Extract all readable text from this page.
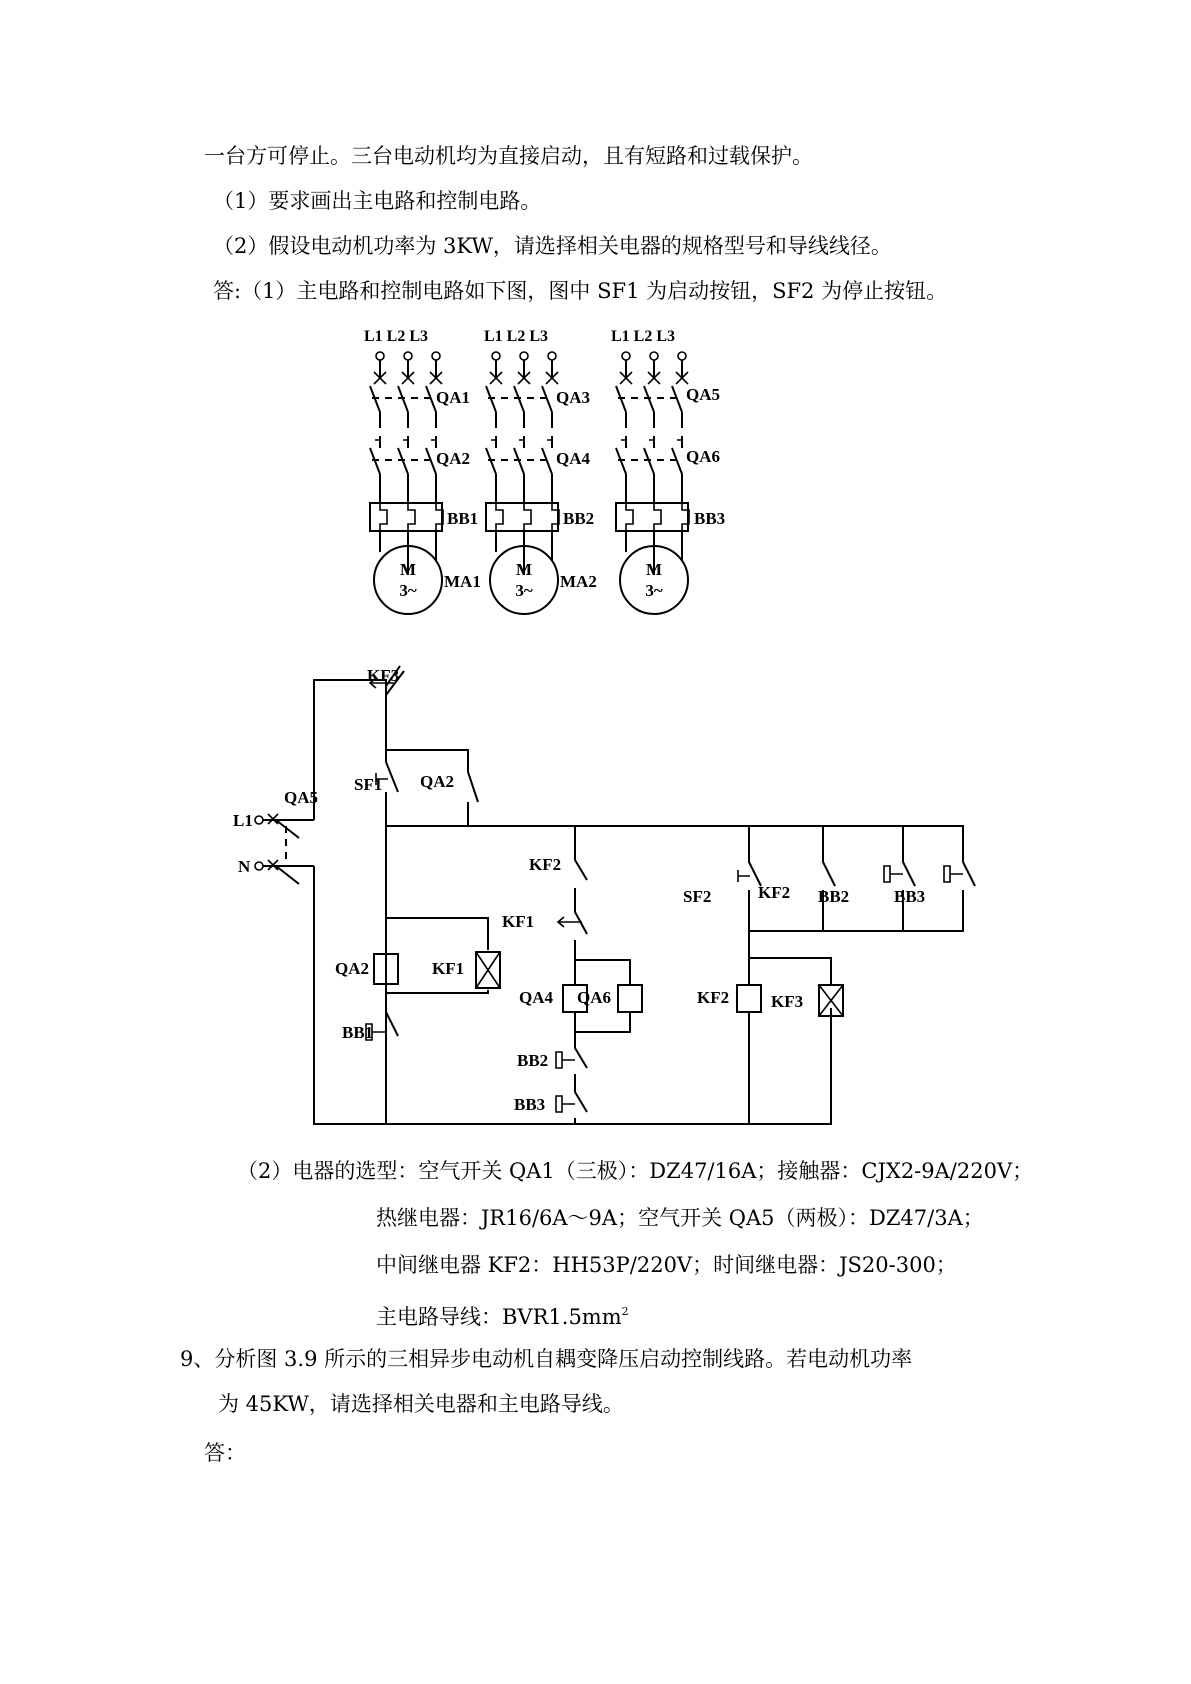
一台方可停止。三台电动机均为直接启动，且有短路和过载保护。
（1）要求画出主电路和控制电路。
（2）假设电动机功率为 3KW，请选择相关电器的规格型号和导线线径。
答:（1）主电路和控制电路如下图，图中 SF1 为启动按钮，SF2 为停止按钮。
L1 L2 L3
M
3~
QA1
QA2
BB1
MA1
L1 L2 L3
M
3~
QA3
QA4
BB2
MA2
L1 L2 L3
M
3~
QA5
QA6
BB3
KF3
SF1 QA2
QA5
L1
N	KF2
KF1
QA2	KF1
BB1
QA4 QA6
BB2
BB3
SF2	KF2 BB2	BB3
KF2 KF3
（2）电器的选型：空气开关 QA1（三极）：DZ47/16A；接触器：CJX2-9A/220V；
热继电器：JR16/6A～9A；空气开关 QA5（两极）：DZ47/3A；
中间继电器 KF2：HH53P/220V；时间继电器：JS20-300；
主电路导线：$BVR1.5mm^2$
9、分析图 3.9 所示的三相异步电动机自耦变降压启动控制线路。若电动机功率
为 45KW，请选择相关电器和主电路导线。
答：
